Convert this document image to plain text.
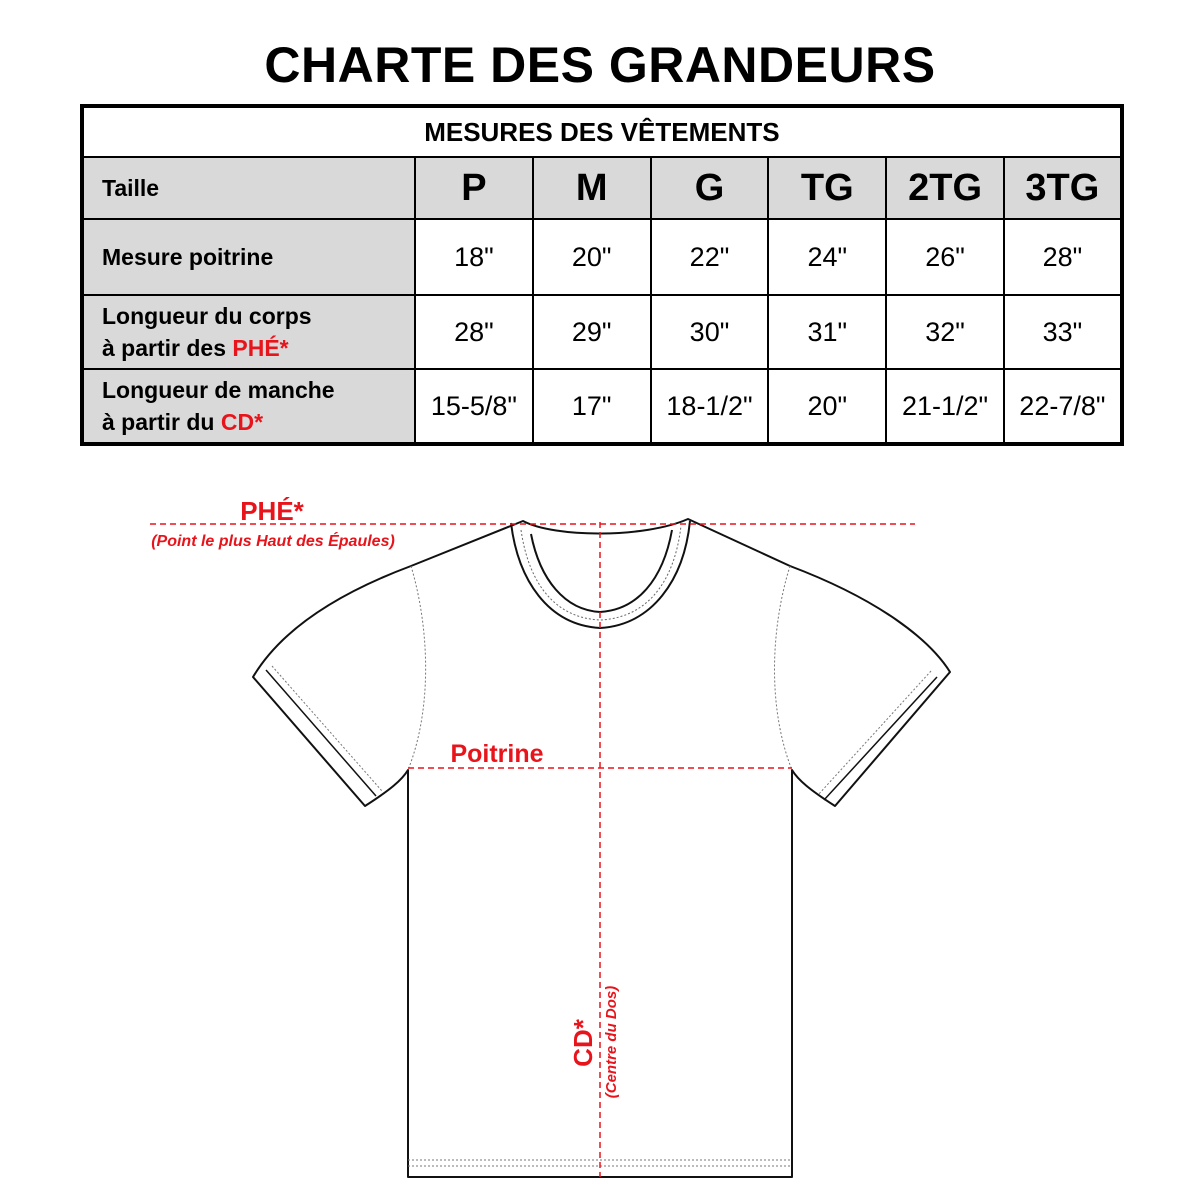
CHARTE DES GRANDEURS
MESURES DES VÊTEMENTS						
Taille	P	M	G	TG	2TG	3TG
Mesure poitrine	18"	20"	22"	24"	26"	28"

Longueur du corps
à partir des PHÉ*	28"	29"	30"	31"	32"	33"

Longueur de manche
à partir du CD*	15-5/8"	17"	18-1/2"	20"	21-1/2"	22-7/8"
PHÉ*
(Point le plus Haut des Épaules)
Poitrine
CD* (Centre du Dos)
